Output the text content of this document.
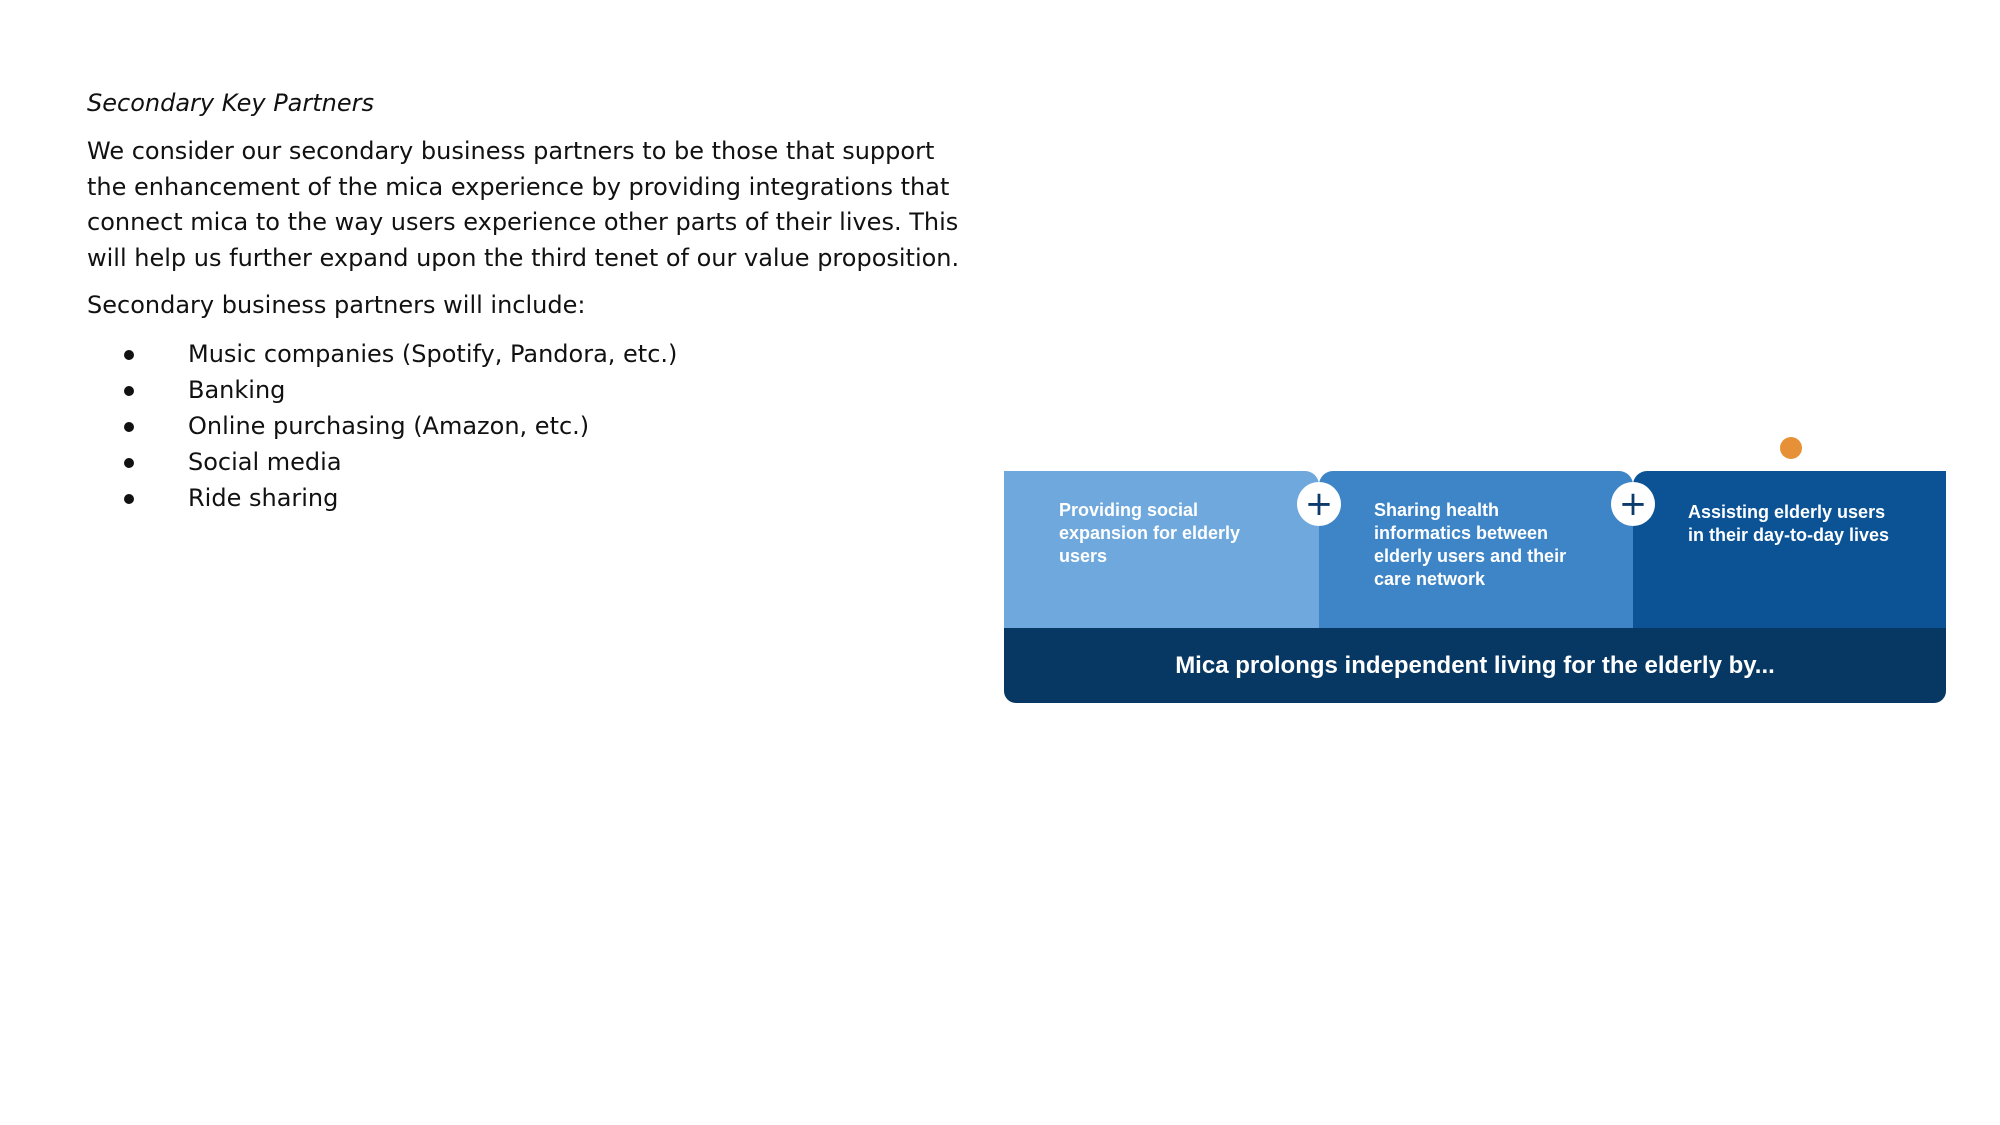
Secondary Key Partners

We consider our secondary business partners to be those that support the enhancement of the mica experience by providing integrations that connect mica to the way users experience other parts of their lives. This will help us further expand upon the third tenet of our value proposition.

Secondary business partners will include:

Music companies (Spotify, Pandora, etc.)
Banking
Online purchasing (Amazon, etc.)
Social media
Ride sharing	Providing social expansion for elderly users
Sharing health informatics between elderly users and their care network
Assisting elderly users in their day-to-day lives
+	+
Mica prolongs independent living for the elderly by...
